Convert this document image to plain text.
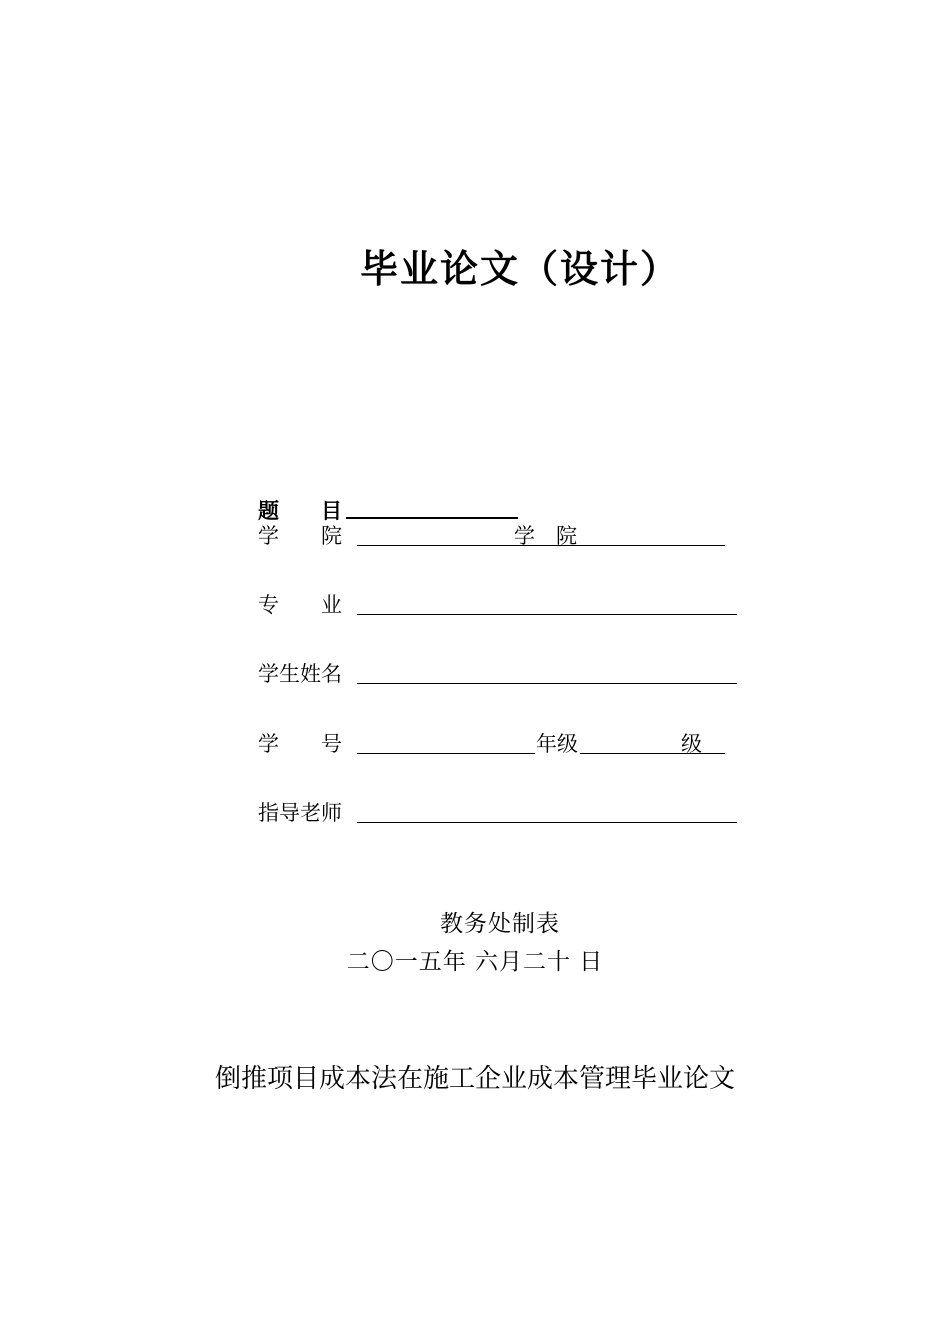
毕业论文（设计）
题　　目
学　　院	学　院
专　　业
学生姓名
学　　号	年级	级
指导老师
教务处制表
二〇一五年 六月二十 日
倒推项目成本法在施工企业成本管理毕业论文
